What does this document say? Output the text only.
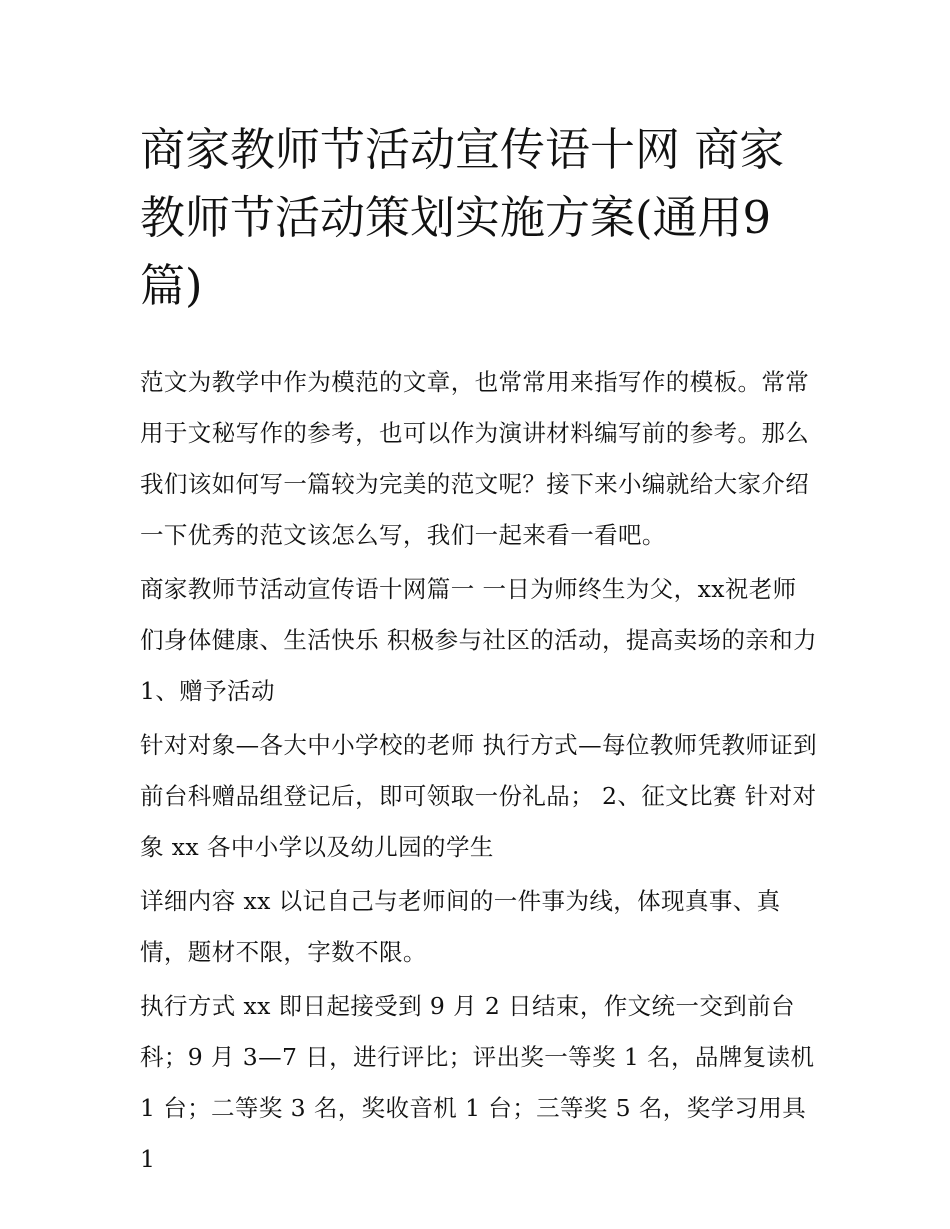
商家教师节活动宣传语十网 商家教师节活动策划实施方案(通用9篇)

范文为教学中作为模范的文章，也常常用来指写作的模板。常常用于文秘写作的参考，也可以作为演讲材料编写前的参考。那么我们该如何写一篇较为完美的范文呢？接下来小编就给大家介绍一下优秀的范文该怎么写，我们一起来看一看吧。

商家教师节活动宣传语十网篇一 一日为师终生为父，xx祝老师们身体健康、生活快乐 积极参与社区的活动，提高卖场的亲和力 1、赠予活动

针对对象—各大中小学校的老师 执行方式—每位教师凭教师证到前台科赠品组登记后，即可领取一份礼品； 2、征文比赛 针对对象 xx 各中小学以及幼儿园的学生

详细内容 xx 以记自己与老师间的一件事为线，体现真事、真情，题材不限，字数不限。

执行方式 xx 即日起接受到 9 月 2 日结束，作文统一交到前台科；9 月 3—7 日，进行评比；评出奖一等奖 1 名，品牌复读机 1 台；二等奖 3 名，奖收音机 1 台；三等奖 5 名，奖学习用具 1
